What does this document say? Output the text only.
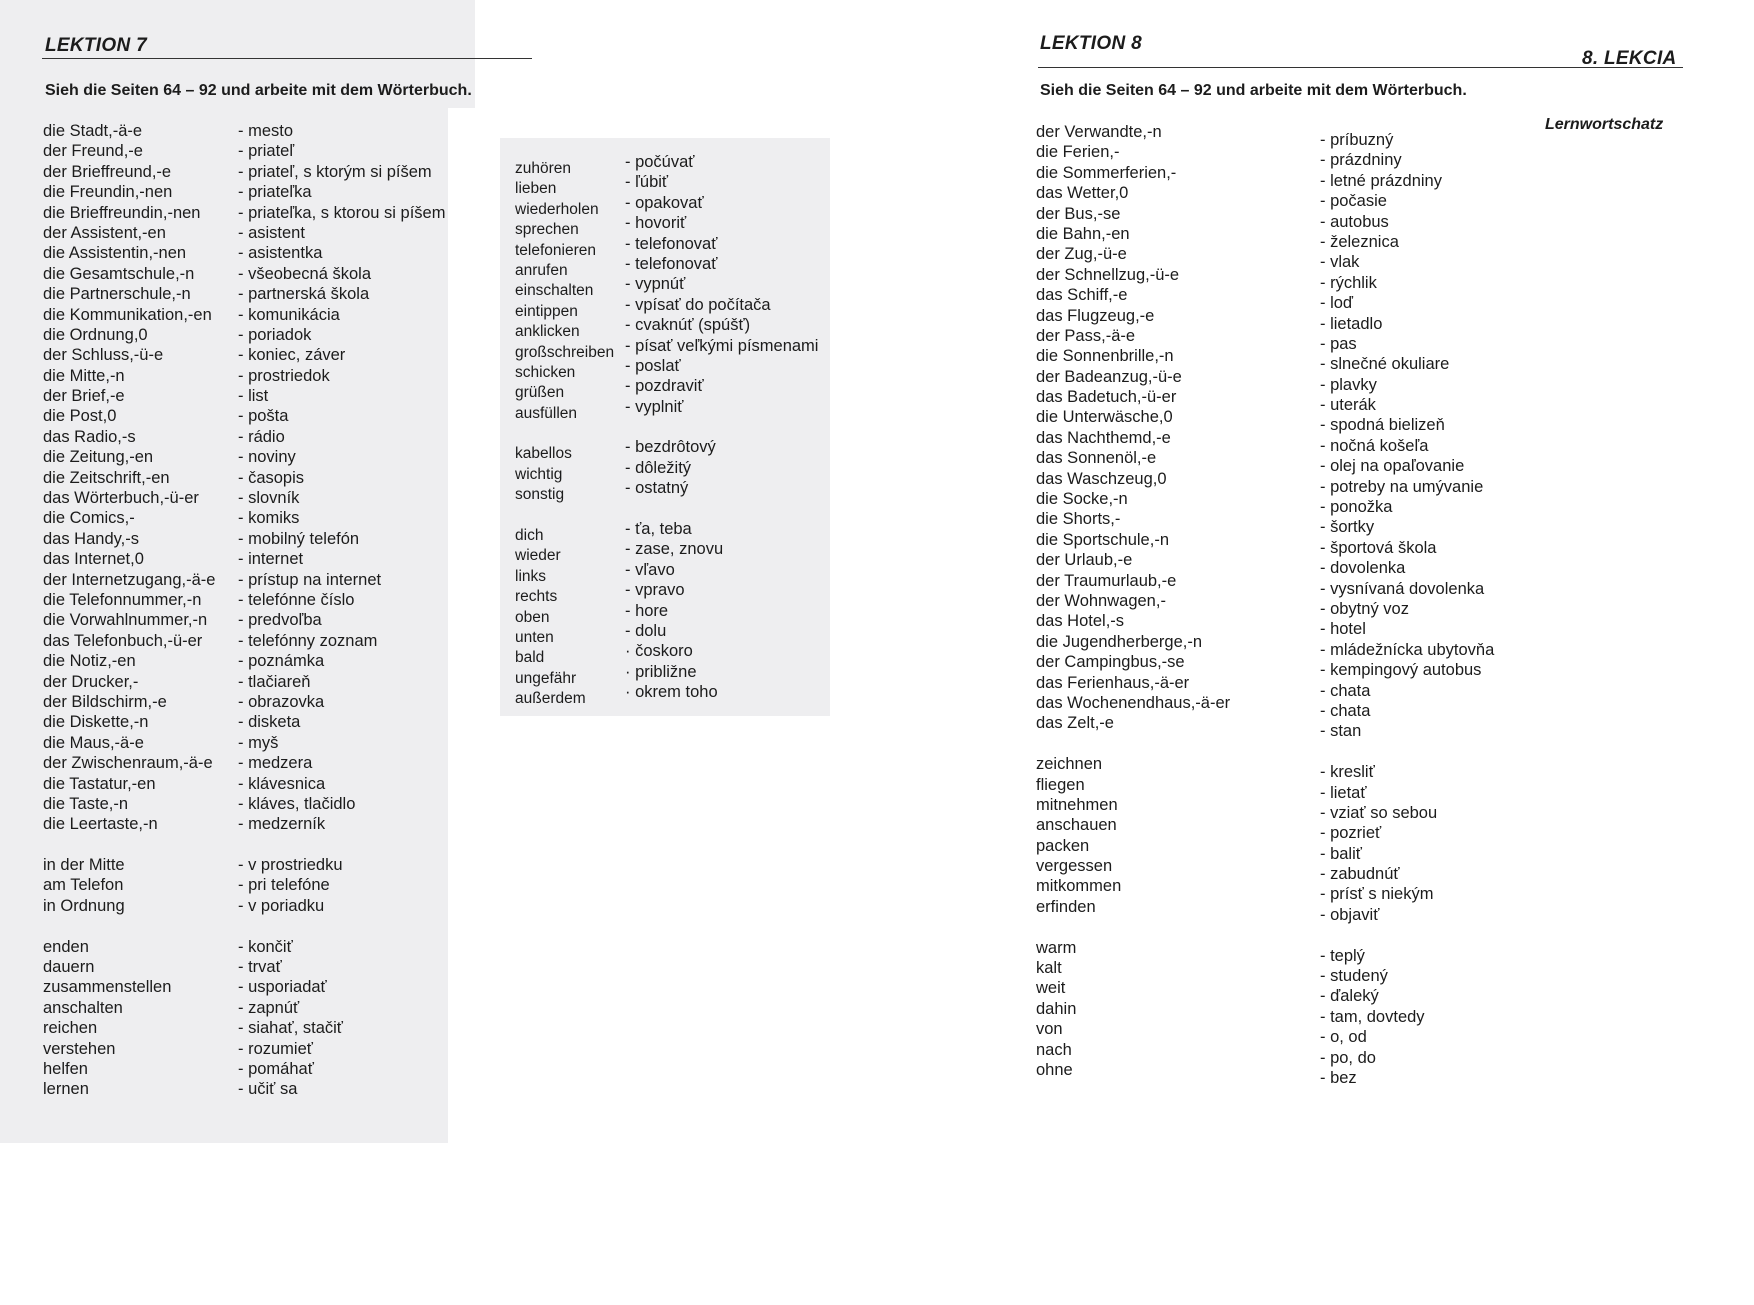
LEKTION 7
Sieh die Seiten 64 – 92 und arbeite mit dem Wörterbuch.
die Stadt,-ä-e
der Freund,-e
der Brieffreund,-e
die Freundin,-nen
die Brieffreundin,-nen
der Assistent,-en
die Assistentin,-nen
die Gesamtschule,-n
die Partnerschule,-n
die Kommunikation,-en
die Ordnung,0
der Schluss,-ü-e
die Mitte,-n
der Brief,-e
die Post,0
das Radio,-s
die Zeitung,-en
die Zeitschrift,-en
das Wörterbuch,-ü-er
die Comics,-
das Handy,-s
das Internet,0
der Internetzugang,-ä-e
die Telefonnummer,-n
die Vorwahlnummer,-n
das Telefonbuch,-ü-er
die Notiz,-en
der Drucker,-
der Bildschirm,-e
die Diskette,-n
die Maus,-ä-e
der Zwischenraum,-ä-e
die Tastatur,-en
die Taste,-n
die Leertaste,-n
in der Mitte
am Telefon
in Ordnung
enden
dauern
zusammenstellen
anschalten
reichen
verstehen
helfen
lernen
- mesto
- priateľ
- priateľ, s ktorým si píšem
- priateľka
- priateľka, s ktorou si píšem
- asistent
- asistentka
- všeobecná škola
- partnerská škola
- komunikácia
- poriadok
- koniec, záver
- prostriedok
- list
- pošta
- rádio
- noviny
- časopis
- slovník
- komiks
- mobilný telefón
- internet
- prístup na internet
- telefónne číslo
- predvoľba
- telefónny zoznam
- poznámka
- tlačiareň
- obrazovka
- disketa
- myš
- medzera
- klávesnica
- kláves, tlačidlo
- medzerník
- v prostriedku
- pri telefóne
- v poriadku
- končiť
- trvať
- usporiadať
- zapnúť
- siahať, stačiť
- rozumieť
- pomáhať
- učiť sa
zuhören
lieben
wiederholen
sprechen
telefonieren
anrufen
einschalten
eintippen
anklicken
großschreiben
schicken
grüßen
ausfüllen
kabellos
wichtig
sonstig
dich
wieder
links
rechts
oben
unten
bald
ungefähr
außerdem
- počúvať
- ľúbiť
- opakovať
- hovoriť
- telefonovať
- telefonovať
- vypnúť
- vpísať do počítača
- cvaknúť (spúšť)
- písať veľkými písmenami
- poslať
- pozdraviť
- vyplniť
- bezdrôtový
- dôležitý
- ostatný
- ťa, teba
- zase, znovu
- vľavo
- vpravo
- hore
- dolu
· čoskoro
· približne
· okrem toho
LEKTION 8
8. LEKCIA
Sieh die Seiten 64 – 92 und arbeite mit dem Wörterbuch.
Lernwortschatz
der Verwandte,-n
die Ferien,-
die Sommerferien,-
das Wetter,0
der Bus,-se
die Bahn,-en
der Zug,-ü-e
der Schnellzug,-ü-e
das Schiff,-e
das Flugzeug,-e
der Pass,-ä-e
die Sonnenbrille,-n
der Badeanzug,-ü-e
das Badetuch,-ü-er
die Unterwäsche,0
das Nachthemd,-e
das Sonnenöl,-e
das Waschzeug,0
die Socke,-n
die Shorts,-
die Sportschule,-n
der Urlaub,-e
der Traumurlaub,-e
der Wohnwagen,-
das Hotel,-s
die Jugendherberge,-n
der Campingbus,-se
das Ferienhaus,-ä-er
das Wochenendhaus,-ä-er
das Zelt,-e
zeichnen
fliegen
mitnehmen
anschauen
packen
vergessen
mitkommen
erfinden
warm
kalt
weit
dahin
von
nach
ohne
- príbuzný
- prázdniny
- letné prázdniny
- počasie
- autobus
- železnica
- vlak
- rýchlik
- loď
- lietadlo
- pas
- slnečné okuliare
- plavky
- uterák
- spodná bielizeň
- nočná košeľa
- olej na opaľovanie
- potreby na umývanie
- ponožka
- šortky
- športová škola
- dovolenka
- vysnívaná dovolenka
- obytný voz
- hotel
- mládežnícka ubytovňa
- kempingový autobus
- chata
- chata
- stan
- kresliť
- lietať
- vziať so sebou
- pozrieť
- baliť
- zabudnúť
- prísť s niekým
- objaviť
- teplý
- studený
- ďaleký
- tam, dovtedy
- o, od
- po, do
- bez
